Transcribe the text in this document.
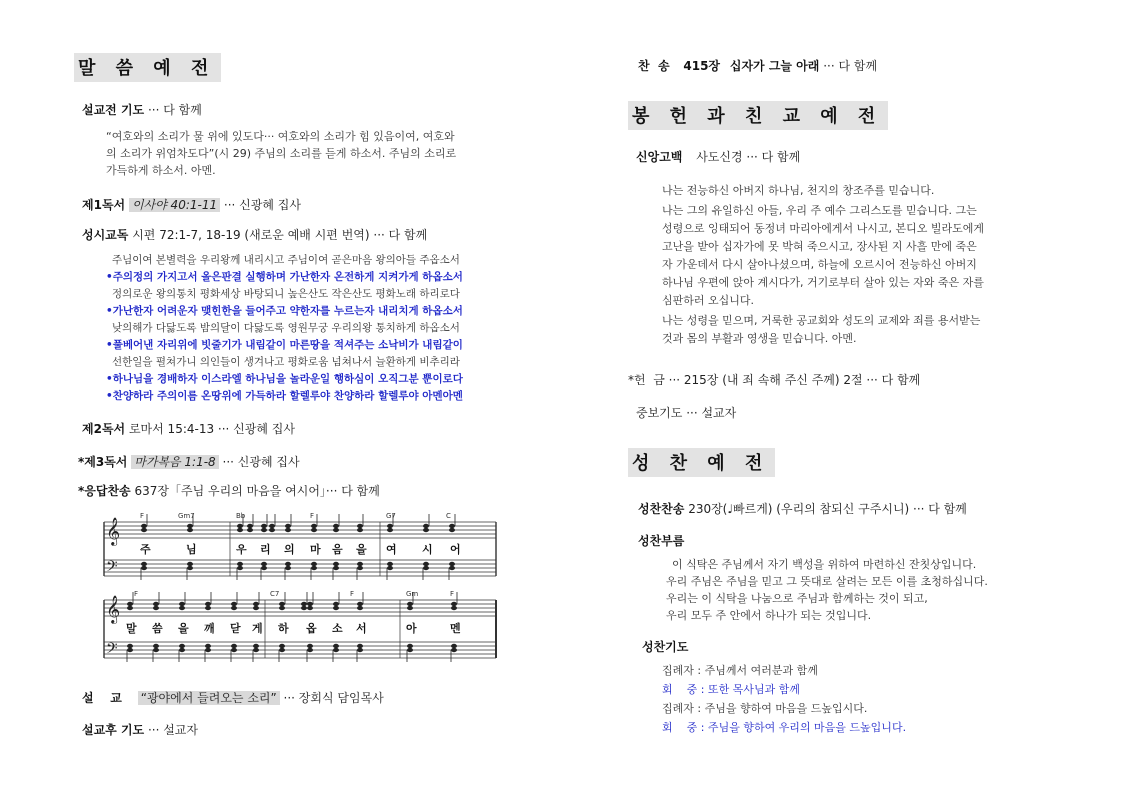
말 씀 예 전
설교전 기도 ··· 다 함께
“여호와의 소리가 물 위에 있도다··· 여호와의 소리가 힘 있음이여, 여호와
의 소리가 위엄차도다”(시 29) 주님의 소리를 듣게 하소서. 주님의 소리로
가득하게 하소서. 아멘.
제1독서 이사야 40:1-11 ··· 신광혜 집사
성시교독 시편 72:1-7, 18-19 (새로운 예배 시편 번역) ··· 다 함께
주님이여 본별력을 우리왕께 내리시고 주님이여 곧은마음 왕의아들 주옵소서
•주의정의 가지고서 올은판결 실행하며 가난한자 온전하게 지켜가게 하옵소서
정의로운 왕의통치 평화세상 바탕되니 높은산도 작은산도 평화노래 하리로다
•가난한자 어려운자 맺힌한을 들어주고 약한자를 누르는자 내리치게 하옵소서
낮의해가 다닳도록 밤의달이 다닳도록 영원무궁 우리의왕 통치하게 하옵소서
•풀베어낸 자리위에 빗줄기가 내림같이 마른땅을 적셔주는 소낙비가 내림같이
선한일을 펼쳐가니 의인들이 생겨나고 평화로움 넘쳐나서 늘환하게 비추리라
•하나님을 경배하자 이스라엘 하나님을 놀라운일 행하심이 오직그분 뿐이로다
•찬양하라 주의이름 온땅위에 가득하라 할렐루야 찬양하라 할렐루야 아멘아멘
제2독서 로마서 15:4-13 ··· 신광혜 집사
*제3독서 마가복음 1:1-8 ··· 신광혜 집사
*응답찬송 637장「주님 우리의 마음을 여시어」··· 다 함께
𝄞
𝄢
𝄞
𝄢
F	Gm7	Bb	F	G7	C
F	C7	F	Gm	F
주	님	우 리 의 마 음 을 여 시 어
말 씀 을 깨 닫 게 하 옵 소 서	아	멘
설    교 “광야에서 들려오는 소리” ··· 장회식 담임목사
설교후 기도 ··· 설교자
찬  송 415장 십자가 그늘 아래 ··· 다 함께
봉 헌 과 친 교 예 전
신앙고백 사도신경 ··· 다 함께
나는 전능하신 아버지 하나님, 천지의 창조주를 믿습니다.
나는 그의 유일하신 아들, 우리 주 예수 그리스도를 믿습니다. 그는
성령으로 잉태되어 동정녀 마리아에게서 나시고, 본디오 빌라도에게
고난을 받아 십자가에 못 박혀 죽으시고, 장사된 지 사흘 만에 죽은
자 가운데서 다시 살아나셨으며, 하늘에 오르시어 전능하신 아버지
하나님 우편에 앉아 계시다가, 거기로부터 살아 있는 자와 죽은 자를
심판하러 오십니다.
나는 성령을 믿으며, 거룩한 공교회와 성도의 교제와 죄를 용서받는
것과 몸의 부활과 영생을 믿습니다. 아멘.
*헌  금 ··· 215장 (내 죄 속해 주신 주께) 2절 ··· 다 함께
중보기도 ··· 설교자
성 찬 예 전
성찬찬송 230장(♩빠르게) (우리의 참되신 구주시니) ··· 다 함께
성찬부름
이 식탁은 주님께서 자기 백성을 위하여 마련하신 잔칫상입니다.
우리 주님은 주님을 믿고 그 뜻대로 살려는 모든 이를 초청하십니다.
우리는 이 식탁을 나눔으로 주님과 함께하는 것이 되고,
우리 모두 주 안에서 하나가 되는 것입니다.
성찬기도
집례자 : 주님께서 여러분과 함께
회    중 : 또한 목사님과 함께
집례자 : 주님을 향하여 마음을 드높입시다.
회    중 : 주님을 향하여 우리의 마음을 드높입니다.
